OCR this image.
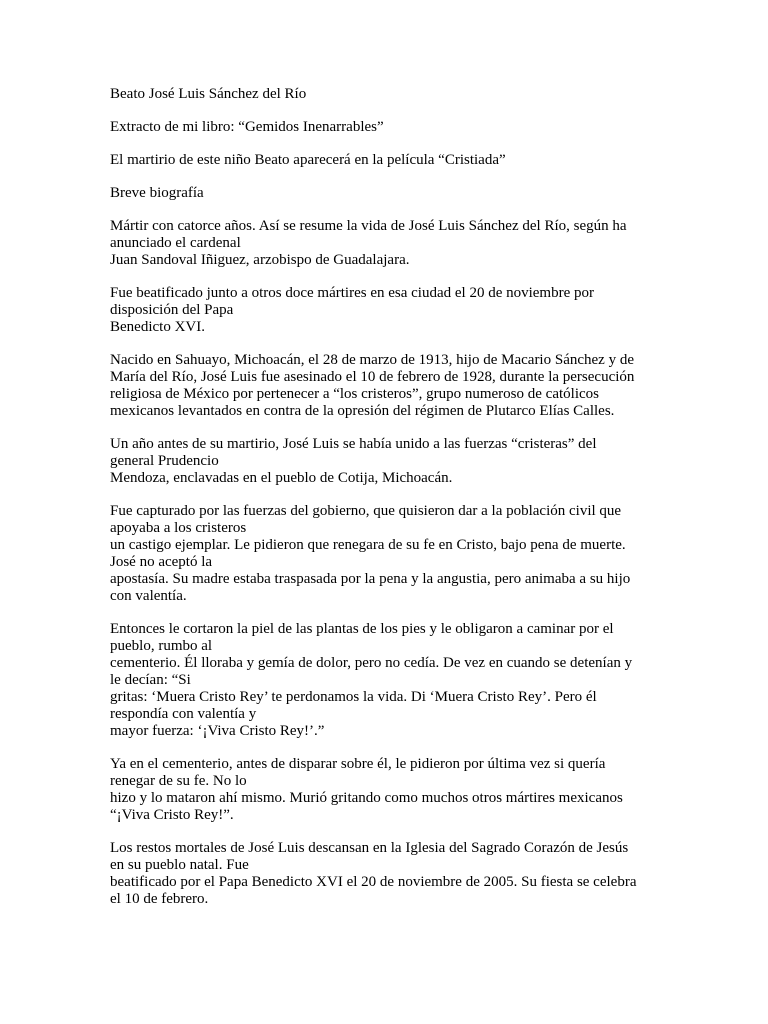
Beato José Luis Sánchez del Río

Extracto de mi libro: “Gemidos Inenarrables”

El martirio de este niño Beato aparecerá en la película “Cristiada”

Breve biografía

Mártir con catorce años. Así se resume la vida de José Luis Sánchez del Río, según ha
anunciado el cardenal
Juan Sandoval Iñiguez, arzobispo de Guadalajara.

Fue beatificado junto a otros doce mártires en esa ciudad el 20 de noviembre por
disposición del Papa
Benedicto XVI.

Nacido en Sahuayo, Michoacán, el 28 de marzo de 1913, hijo de Macario Sánchez y de
María del Río, José Luis fue asesinado el 10 de febrero de 1928, durante la persecución
religiosa de México por pertenecer a “los cristeros”, grupo numeroso de católicos
mexicanos levantados en contra de la opresión del régimen de Plutarco Elías Calles.

Un año antes de su martirio, José Luis se había unido a las fuerzas “cristeras” del
general Prudencio
Mendoza, enclavadas en el pueblo de Cotija, Michoacán.

Fue capturado por las fuerzas del gobierno, que quisieron dar a la población civil que
apoyaba a los cristeros
un castigo ejemplar. Le pidieron que renegara de su fe en Cristo, bajo pena de muerte.
José no aceptó la
apostasía. Su madre estaba traspasada por la pena y la angustia, pero animaba a su hijo
con valentía.

Entonces le cortaron la piel de las plantas de los pies y le obligaron a caminar por el
pueblo, rumbo al
cementerio. Él lloraba y gemía de dolor, pero no cedía. De vez en cuando se detenían y
le decían: “Si
gritas: ‘Muera Cristo Rey’ te perdonamos la vida. Di ‘Muera Cristo Rey’. Pero él
respondía con valentía y
mayor fuerza: ‘¡Viva Cristo Rey!’.”

Ya en el cementerio, antes de disparar sobre él, le pidieron por última vez si quería
renegar de su fe. No lo
hizo y lo mataron ahí mismo. Murió gritando como muchos otros mártires mexicanos
“¡Viva Cristo Rey!”.

Los restos mortales de José Luis descansan en la Iglesia del Sagrado Corazón de Jesús
en su pueblo natal. Fue
beatificado por el Papa Benedicto XVI el 20 de noviembre de 2005. Su fiesta se celebra
el 10 de febrero.
